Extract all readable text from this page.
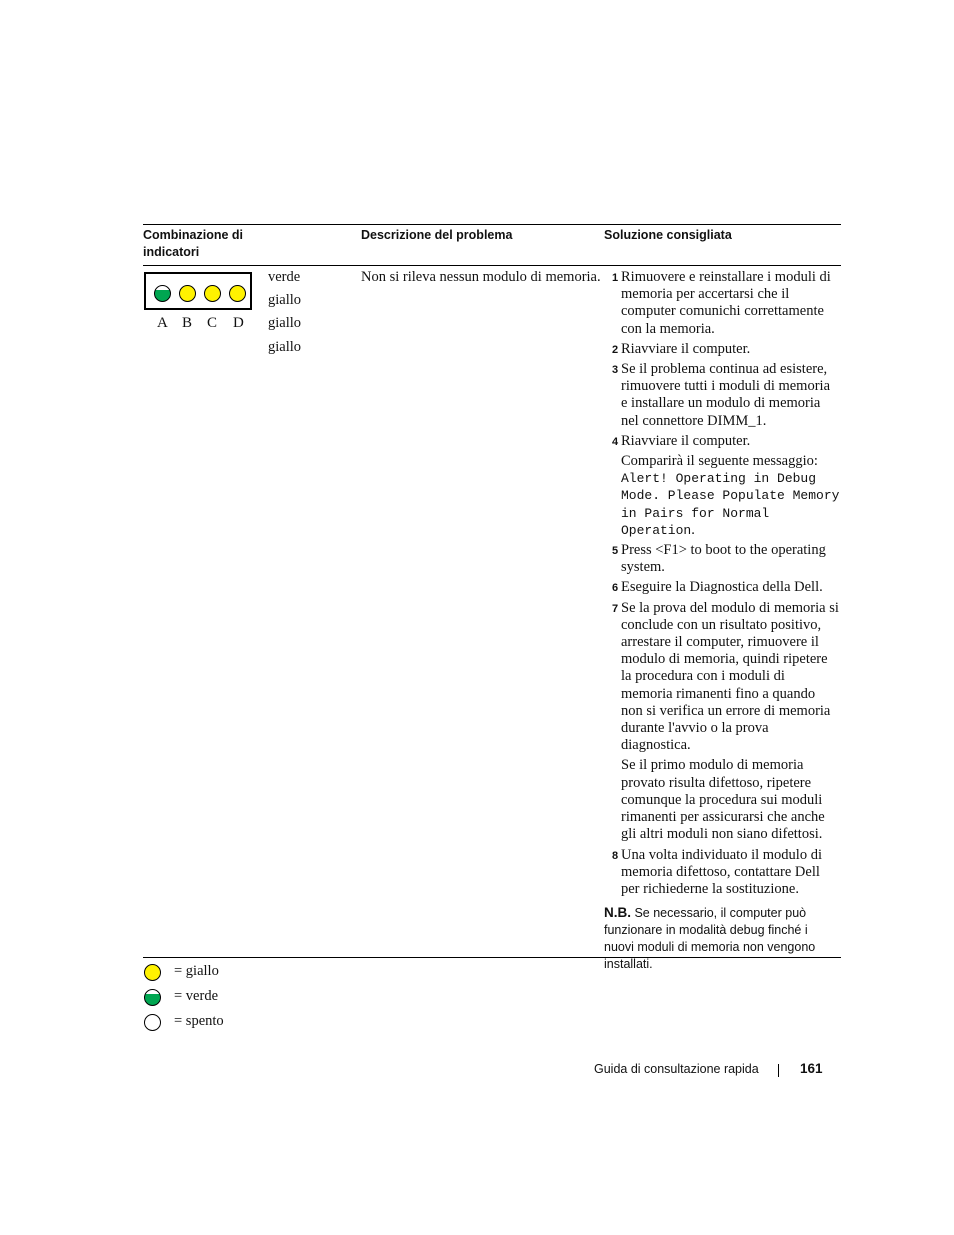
Combinazione di indicatori
Descrizione del problema	Soluzione consigliata
A B C D
verde
giallo
giallo
giallo
Non si rileva nessun modulo di memoria. 1 Rimuovere e reinstallare i moduli di memoria per accertarsi che il computer comunichi correttamente con la memoria.
2 Riavviare il computer.
3 Se il problema continua ad esistere, rimuovere tutti i moduli di memoria e installare un modulo di memoria nel connettore DIMM_1.
4 Riavviare il computer.
Comparirà il seguente messaggio: Alert! Operating in Debug Mode. Please Populate Memory in Pairs for Normal Operation.
5 Press <F1> to boot to the operating system.
6 Eseguire la Diagnostica della Dell.
7 Se la prova del modulo di memoria si conclude con un risultato positivo, arrestare il computer, rimuovere il modulo di memoria, quindi ripetere la procedura con i moduli di memoria rimanenti fino a quando non si verifica un errore di memoria durante l'avvio o la prova diagnostica.
Se il primo modulo di memoria provato risulta difettoso, ripetere comunque la procedura sui moduli rimanenti per assicurarsi che anche gli altri moduli non siano difettosi.
8 Una volta individuato il modulo di memoria difettoso, contattare Dell per richiederne la sostituzione.
N.B. Se necessario, il computer può funzionare in modalità debug finché i nuovi moduli di memoria non vengono installati.
= giallo
= verde
= spento
Guida di consultazione rapida	161
